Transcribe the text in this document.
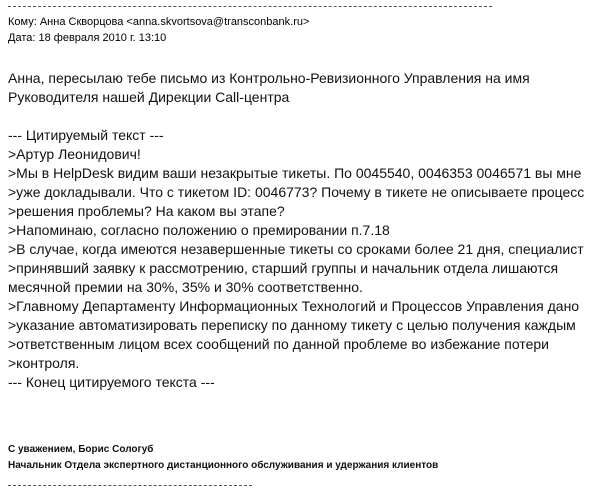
Кому: Анна Скворцова <anna.skvortsova@transconbank.ru>
Дата: 18 февраля 2010 г. 13:10
Анна, пересылаю тебе письмо из Контрольно-Ревизионного Управления на имя
Руководителя нашей Дирекции Call-центра
--- Цитируемый текст ---
>Артур Леонидович!
>Мы в HelpDesk видим ваши незакрытые тикеты. По 0045540, 0046353 0046571 вы мне
>уже докладывали. Что с тикетом ID: 0046773? Почему в тикете не описываете процесс
>решения проблемы? На каком вы этапе?
>Напоминаю, согласно положению о премировании п.7.18
>В случае, когда имеются незавершенные тикеты со сроками более 21 дня, специалист
>принявший заявку к рассмотрению, старший группы и начальник отдела лишаются
месячной премии на 30%, 35% и 30% соответственно.
>Главному Департаменту Информационных Технологий и Процессов Управления дано
>указание автоматизировать переписку по данному тикету с целью получения каждым
>ответственным лицом всех сообщений по данной проблеме во избежание потери
>контроля.
--- Конец цитируемого текста ---
С уважением, Борис Сологуб
Начальник Отдела экспертного дистанционного обслуживания и удержания клиентов
